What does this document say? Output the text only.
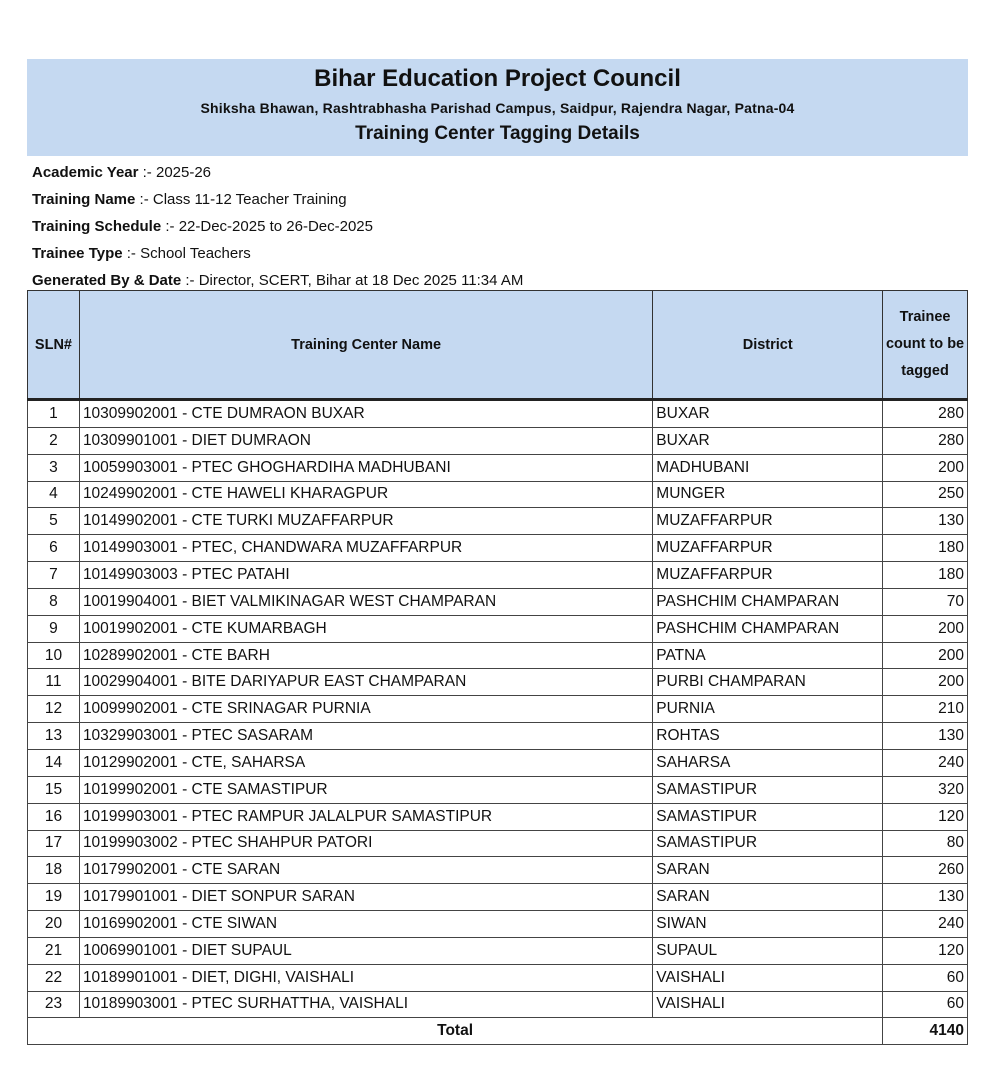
Bihar Education Project Council
Shiksha Bhawan, Rashtrabhasha Parishad Campus, Saidpur, Rajendra Nagar, Patna-04
Training Center Tagging Details
Academic Year :- 2025-26
Training Name :- Class 11-12 Teacher Training
Training Schedule :- 22-Dec-2025 to 26-Dec-2025
Trainee Type :- School Teachers
Generated By & Date :- Director, SCERT, Bihar at 18 Dec 2025 11:34 AM
SLN#	Training Center Name	District	Trainee count to be tagged
1	10309902001 - CTE DUMRAON BUXAR	BUXAR	280
2	10309901001 - DIET DUMRAON	BUXAR	280
3	10059903001 - PTEC GHOGHARDIHA MADHUBANI	MADHUBANI	200
4	10249902001 - CTE HAWELI KHARAGPUR	MUNGER	250
5	10149902001 - CTE TURKI MUZAFFARPUR	MUZAFFARPUR	130
6	10149903001 - PTEC, CHANDWARA MUZAFFARPUR	MUZAFFARPUR	180
7	10149903003 - PTEC PATAHI	MUZAFFARPUR	180
8	10019904001 - BIET VALMIKINAGAR WEST CHAMPARAN	PASHCHIM CHAMPARAN	70
9	10019902001 - CTE KUMARBAGH	PASHCHIM CHAMPARAN	200
10	10289902001 - CTE BARH	PATNA	200
11	10029904001 - BITE DARIYAPUR EAST CHAMPARAN	PURBI CHAMPARAN	200
12	10099902001 - CTE SRINAGAR PURNIA	PURNIA	210
13	10329903001 - PTEC SASARAM	ROHTAS	130
14	10129902001 - CTE, SAHARSA	SAHARSA	240
15	10199902001 - CTE SAMASTIPUR	SAMASTIPUR	320
16	10199903001 - PTEC RAMPUR JALALPUR SAMASTIPUR	SAMASTIPUR	120
17	10199903002 - PTEC SHAHPUR PATORI	SAMASTIPUR	80
18	10179902001 - CTE SARAN	SARAN	260
19	10179901001 - DIET SONPUR SARAN	SARAN	130
20	10169902001 - CTE SIWAN	SIWAN	240
21	10069901001 - DIET SUPAUL	SUPAUL	120
22	10189901001 - DIET, DIGHI, VAISHALI	VAISHALI	60
23	10189903001 - PTEC SURHATTHA, VAISHALI	VAISHALI	60
Total			4140
